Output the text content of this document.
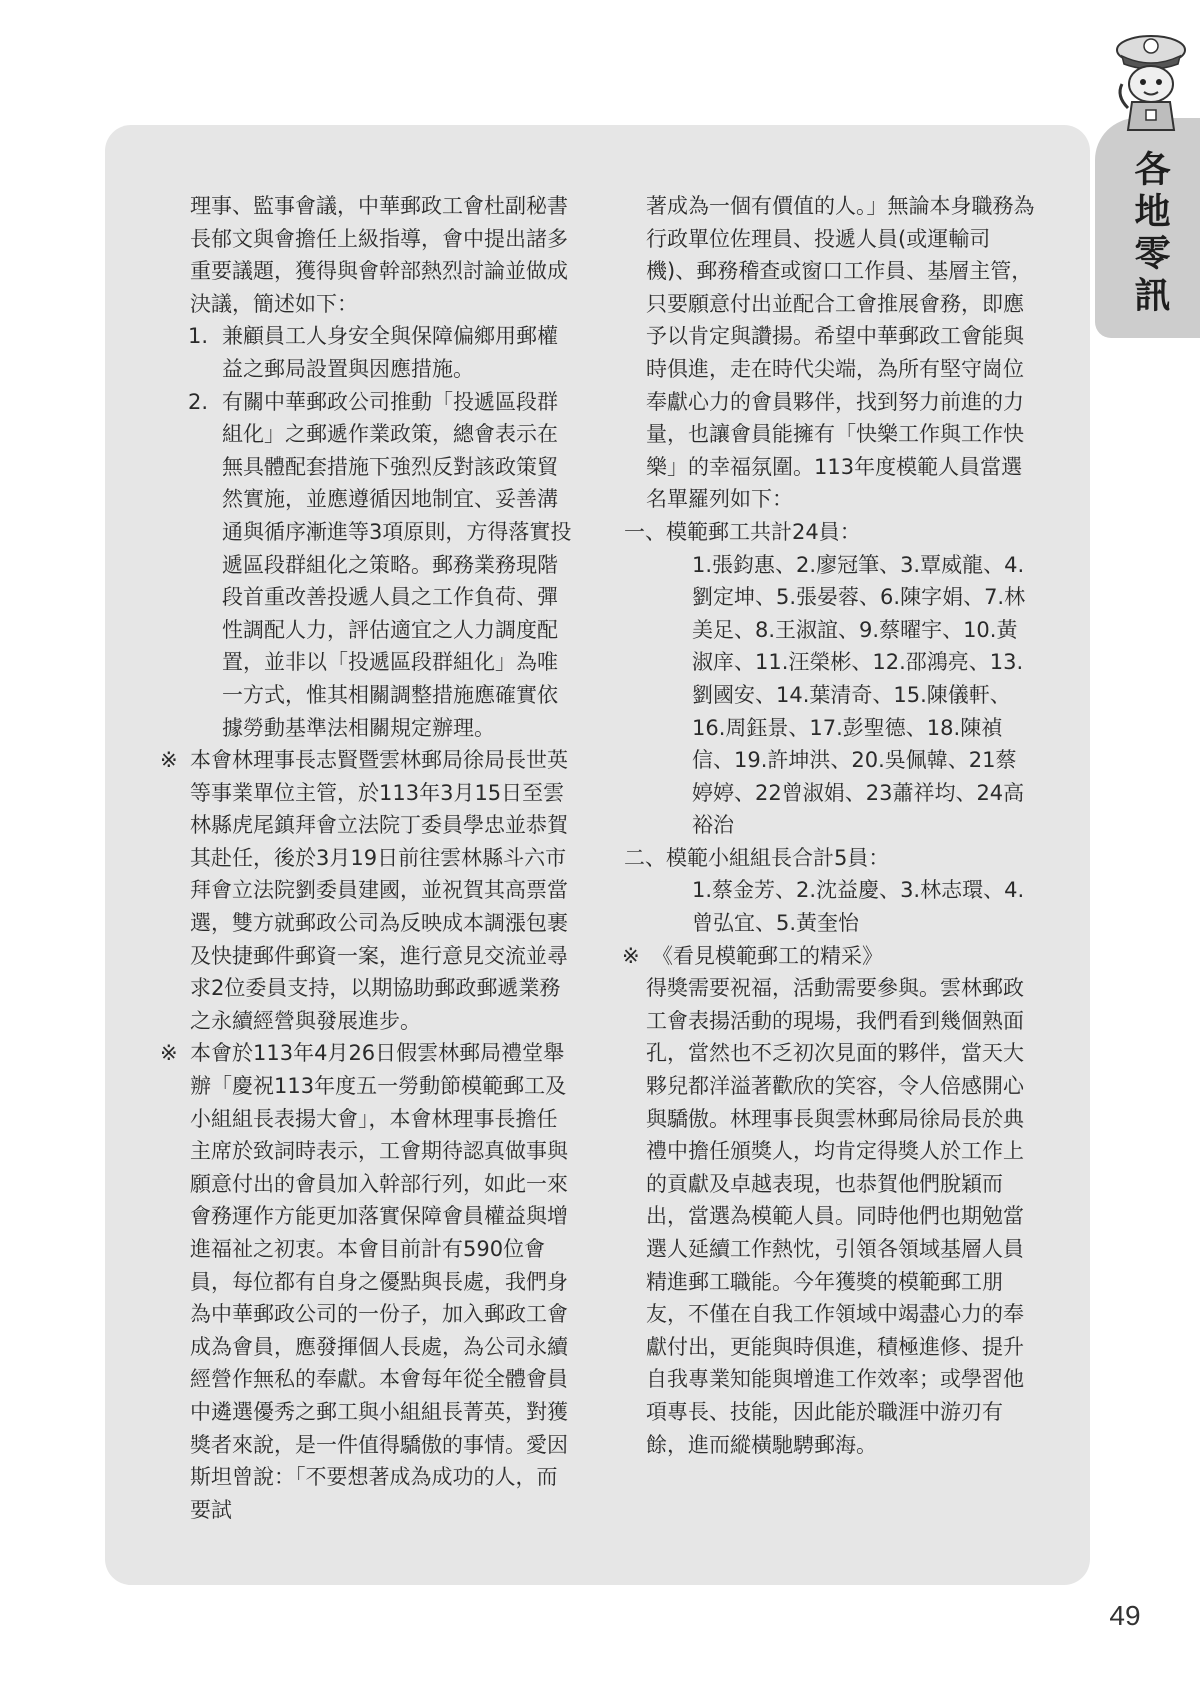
各地零訊

理事、監事會議，中華郵政工會杜副秘書長郁文與會擔任上級指導，會中提出諸多重要議題，獲得與會幹部熱烈討論並做成決議，簡述如下：

1. 兼顧員工人身安全與保障偏鄉用郵權益之郵局設置與因應措施。

2. 有關中華郵政公司推動「投遞區段群組化」之郵遞作業政策，總會表示在無具體配套措施下強烈反對該政策貿然實施，並應遵循因地制宜、妥善溝通與循序漸進等3項原則，方得落實投遞區段群組化之策略。郵務業務現階段首重改善投遞人員之工作負荷、彈性調配人力，評估適宜之人力調度配置，並非以「投遞區段群組化」為唯一方式，惟其相關調整措施應確實依據勞動基準法相關規定辦理。

※ 本會林理事長志賢暨雲林郵局徐局長世英等事業單位主管，於113年3月15日至雲林縣虎尾鎮拜會立法院丁委員學忠並恭賀其赴任，後於3月19日前往雲林縣斗六市拜會立法院劉委員建國，並祝賀其高票當選，雙方就郵政公司為反映成本調漲包裹及快捷郵件郵資一案，進行意見交流並尋求2位委員支持，以期協助郵政郵遞業務之永續經營與發展進步。

※ 本會於113年4月26日假雲林郵局禮堂舉辦「慶祝113年度五一勞動節模範郵工及小組組長表揚大會」，本會林理事長擔任主席於致詞時表示，工會期待認真做事與願意付出的會員加入幹部行列，如此一來會務運作方能更加落實保障會員權益與增進福祉之初衷。本會目前計有590位會員，每位都有自身之優點與長處，我們身為中華郵政公司的一份子，加入郵政工會成為會員，應發揮個人長處，為公司永續經營作無私的奉獻。本會每年從全體會員中遴選優秀之郵工與小組組長菁英，對獲獎者來說，是一件值得驕傲的事情。愛因斯坦曾說：「不要想著成為成功的人，而要試

著成為一個有價值的人。」無論本身職務為行政單位佐理員、投遞人員(或運輸司機)、郵務稽查或窗口工作員、基層主管，只要願意付出並配合工會推展會務，即應予以肯定與讚揚。希望中華郵政工會能與時俱進，走在時代尖端，為所有堅守崗位奉獻心力的會員夥伴，找到努力前進的力量，也讓會員能擁有「快樂工作與工作快樂」的幸福氛圍。113年度模範人員當選名單羅列如下：

一、模範郵工共計24員：

1.張鈞惠、2.廖冠筆、3.覃威龍、4.劉定坤、5.張晏蓉、6.陳字娟、7.林美足、8.王淑誼、9.蔡曜宇、10.黃淑庠、11.汪榮彬、12.邵鴻亮、13.劉國安、14.葉清奇、15.陳儀軒、16.周鈺景、17.彭聖德、18.陳禎信、19.許坤洪、20.吳佩韓、21蔡婷婷、22曾淑娟、23蕭祥均、24高裕治

二、模範小組組長合計5員：

1.蔡金芳、2.沈益慶、3.林志環、4.曾弘宜、5.黃奎怡

※ 《看見模範郵工的精采》

得獎需要祝福，活動需要參與。雲林郵政工會表揚活動的現場，我們看到幾個熟面孔，當然也不乏初次見面的夥伴，當天大夥兒都洋溢著歡欣的笑容，令人倍感開心與驕傲。林理事長與雲林郵局徐局長於典禮中擔任頒獎人，均肯定得獎人於工作上的貢獻及卓越表現，也恭賀他們脫穎而出，當選為模範人員。同時他們也期勉當選人延續工作熱忱，引領各領域基層人員精進郵工職能。今年獲獎的模範郵工朋友，不僅在自我工作領域中竭盡心力的奉獻付出，更能與時俱進，積極進修、提升自我專業知能與增進工作效率；或學習他項專長、技能，因此能於職涯中游刃有餘，進而縱橫馳騁郵海。

49
